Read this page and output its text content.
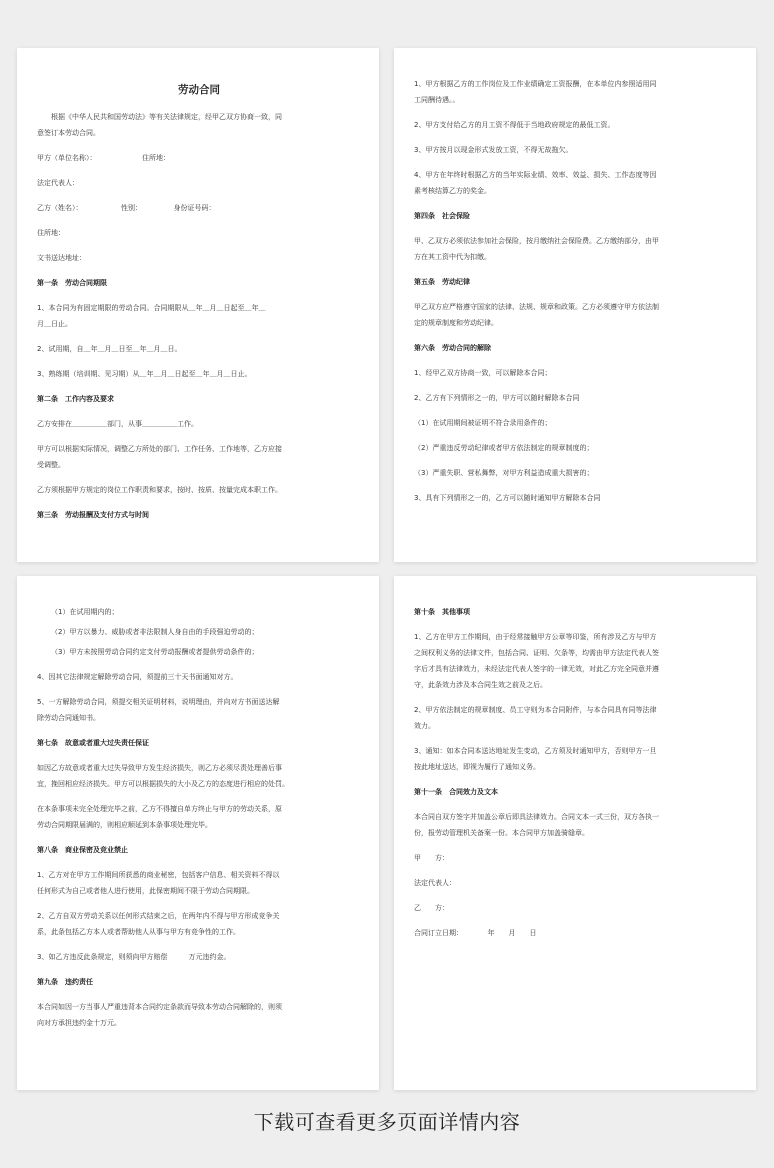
劳动合同
　　根据《中华人民共和国劳动法》等有关法律规定，经甲乙双方协商一致，同
意签订本劳动合同。
甲方（单位名称）：　　　　　　　住所地：
法定代表人：
乙方（姓名）：　　　　　　性别：　　　　　身份证号码：
住所地：
文书送达地址：
第一条　劳动合同期限
1、本合同为有固定期限的劳动合同。合同期限从＿年＿月＿日起至＿年＿
月＿日止。
2、试用期，自＿年＿月＿日至＿年＿月＿日。
3、熟练期（培训期、见习期）从＿年＿月＿日起至＿年＿月＿日止。
第二条　工作内容及要求
乙方安排在＿＿＿＿＿部门，从事＿＿＿＿＿工作。
甲方可以根据实际情况，调整乙方所处的部门、工作任务、工作地等，乙方应接
受调整。
乙方须根据甲方规定的岗位工作职责和要求，按时、按质、按量完成本职工作。
第三条　劳动报酬及支付方式与时间
1、甲方根据乙方的工作岗位及工作业绩确定工资报酬，在本单位内参照适用同
工同酬待遇。。
2、甲方支付给乙方的月工资不得低于当地政府规定的最低工资。
3、甲方按月以现金形式发放工资，不得无故拖欠。
4、甲方在年终时根据乙方的当年实际业绩、效率、效益、损失、工作态度等因
素考核结算乙方的奖金。
第四条　社会保险
甲、乙双方必须依法参加社会保险，按月缴纳社会保险费。乙方缴纳部分，由甲
方在其工资中代为扣缴。
第五条　劳动纪律
甲乙双方应严格遵守国家的法律、法规、规章和政策。乙方必须遵守甲方依法制
定的规章制度和劳动纪律。
第六条　劳动合同的解除
1、经甲乙双方协商一致，可以解除本合同；
2、乙方有下列情形之一的，甲方可以随时解除本合同
（1）在试用期间被证明不符合录用条件的；
（2）严重违反劳动纪律或者甲方依法制定的规章制度的；
（3）严重失职、营私舞弊，对甲方利益造成重大损害的；
3、具有下列情形之一的，乙方可以随时通知甲方解除本合同
（1）在试用期内的；
（2）甲方以暴力、威胁或者非法限制人身自由的手段强迫劳动的；
（3）甲方未按照劳动合同约定支付劳动报酬或者提供劳动条件的；
4、因其它法律规定解除劳动合同，须提前三十天书面通知对方。
5、一方解除劳动合同，须提交相关证明材料，说明理由，并向对方书面送达解
除劳动合同通知书。
第七条　故意或者重大过失责任保证
如因乙方故意或者重大过失导致甲方发生经济损失，则乙方必须尽责处理善后事
宜，挽回相应经济损失。甲方可以根据损失的大小及乙方的态度进行相应的处罚。
在本条事项未完全处理完毕之前，乙方不得擅自单方终止与甲方的劳动关系，原
劳动合同期限届满的，则相应顺延到本条事项处理完毕。
第八条　商业保密及竞业禁止
1、乙方对在甲方工作期间所获悉的商业秘密，包括客户信息、相关资料不得以
任何形式为自己或者他人进行使用，此保密期间不限于劳动合同期限。
2、乙方自双方劳动关系以任何形式结束之后，在两年内不得与甲方形成竞争关
系，此条包括乙方本人或者帮助他人从事与甲方有竞争性的工作。
3、如乙方违反此条规定，则须向甲方赔偿　　　万元违约金。
第九条　违约责任
本合同如因一方当事人严重违背本合同约定条款而导致本劳动合同解除的，则须
向对方承担违约金十万元。
第十条　其他事项
1、乙方在甲方工作期间，由于经常接触甲方公章等印鉴，所有涉及乙方与甲方
之间权利义务的法律文件，包括合同、证明、欠条等，均需由甲方法定代表人签
字后才具有法律效力，未经法定代表人签字的一律无效，对此乙方完全同意并遵
守，此条效力涉及本合同生效之前及之后。
2、甲方依法制定的规章制度、员工守则为本合同附件，与本合同具有同等法律
效力。
3、通知：如本合同本送达地址发生变动，乙方须及时通知甲方，否则甲方一旦
按此地址送达，即视为履行了通知义务。
第十一条　合同效力及文本
本合同自双方签字并加盖公章后即具法律效力。合同文本一式三份，双方各执一
份，报劳动管理机关备案一份。本合同甲方加盖骑缝章。
甲　　方：
法定代表人：
乙　　方：
合同订立日期：　　　　年　　月　　日
下载可查看更多页面详情内容
